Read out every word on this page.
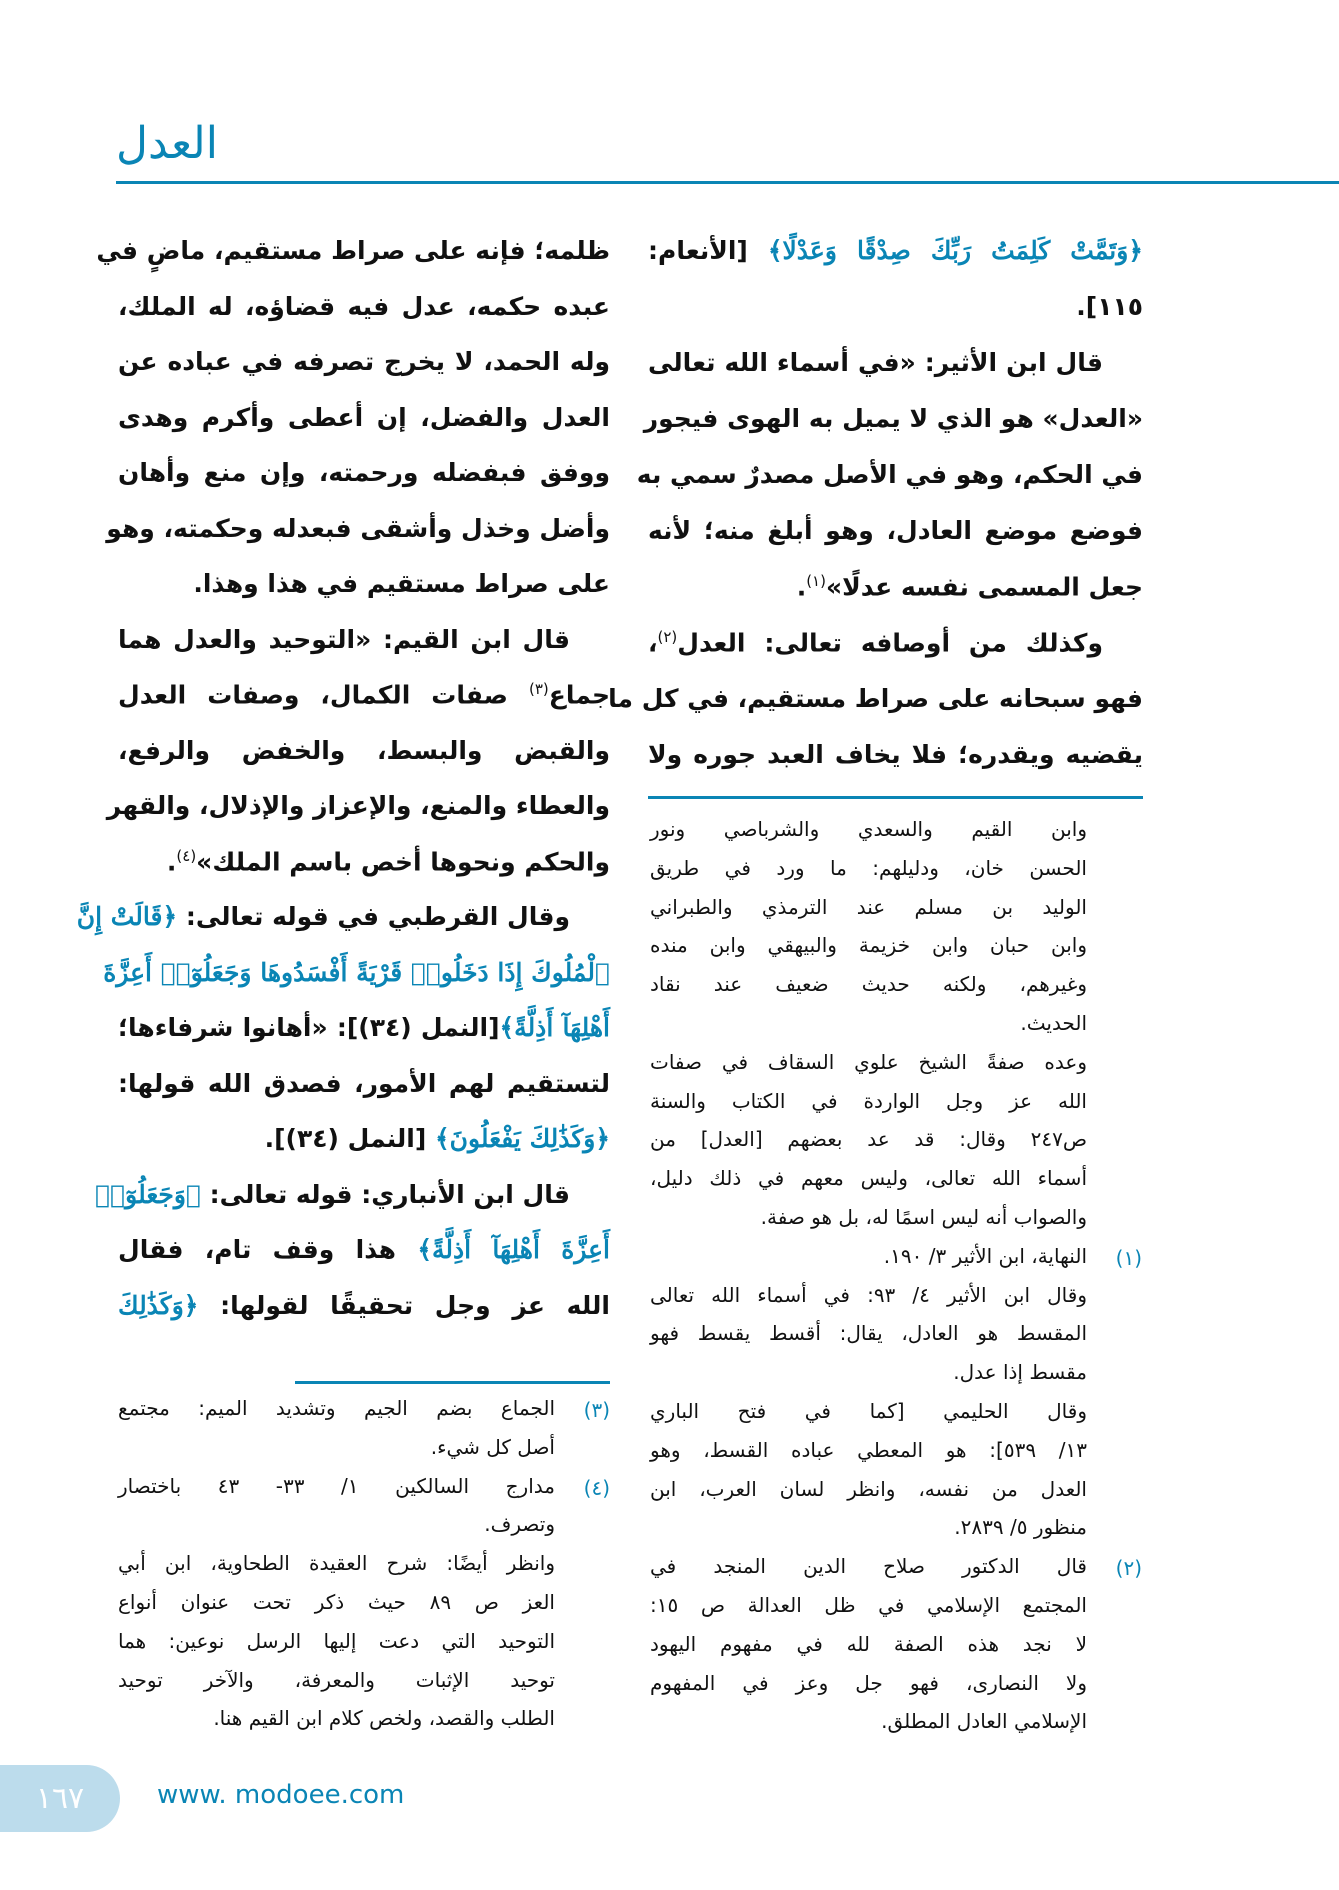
العدل
﴿وَتَمَّتْ كَلِمَتُ رَبِّكَ صِدْقًا وَعَدْلًا﴾ [الأنعام:
١١٥].
قال ابن الأثير: «في أسماء الله تعالى
«العدل» هو الذي لا يميل به الهوى فيجور
في الحكم، وهو في الأصل مصدرٌ سمي به
فوضع موضع العادل، وهو أبلغ منه؛ لأنه
جعل المسمى نفسه عدلًا»$^{(١)}$.
وكذلك من أوصافه تعالى: العدل$^{(٢)}$،
فهو سبحانه على صراط مستقيم، في كل ما
يقضيه ويقدره؛ فلا يخاف العبد جوره ولا
وابن القيم والسعدي والشرباصي ونور
الحسن خان، ودليلهم: ما ورد في طريق
الوليد بن مسلم عند الترمذي والطبراني
وابن حبان وابن خزيمة والبيهقي وابن منده
وغيرهم، ولكنه حديث ضعيف عند نقاد
الحديث.
وعده صفةً الشيخ علوي السقاف في صفات
الله عز وجل الواردة في الكتاب والسنة
ص٢٤٧ وقال: قد عد بعضهم [العدل] من
أسماء الله تعالى، وليس معهم في ذلك دليل،
والصواب أنه ليس اسمًا له، بل هو صفة.
النهاية، ابن الأثير ٣/ ١٩٠. (١)
وقال ابن الأثير ٤/ ٩٣: في أسماء الله تعالى
المقسط هو العادل، يقال: أقسط يقسط فهو
مقسط إذا عدل.
وقال الحليمي [كما في فتح الباري
١٣/ ٥٣٩]: هو المعطي عباده القسط، وهو
العدل من نفسه، وانظر لسان العرب، ابن
منظور ٥/ ٢٨٣٩.
قال الدكتور صلاح الدين المنجد في (٢)
المجتمع الإسلامي في ظل العدالة ص ١٥:
لا نجد هذه الصفة لله في مفهوم اليهود
ولا النصارى، فهو جل وعز في المفهوم
الإسلامي العادل المطلق.
ظلمه؛ فإنه على صراط مستقيم، ماضٍ في
عبده حكمه، عدل فيه قضاؤه، له الملك،
وله الحمد، لا يخرج تصرفه في عباده عن
العدل والفضل، إن أعطى وأكرم وهدى
ووفق فبفضله ورحمته، وإن منع وأهان
وأضل وخذل وأشقى فبعدله وحكمته، وهو
على صراط مستقيم في هذا وهذا.
قال ابن القيم: «التوحيد والعدل هما
جماع$^{(٣)}$ صفات الكمال، وصفات العدل
والقبض والبسط، والخفض والرفع،
والعطاء والمنع، والإعزاز والإذلال، والقهر
والحكم ونحوها أخص باسم الملك»$^{(٤)}$.
وقال القرطبي في قوله تعالى: ﴿قَالَتْ إِنَّ
ٱلْمُلُوكَ إِذَا دَخَلُوا۟ قَرْيَةً أَفْسَدُوهَا وَجَعَلُوٓا۟ أَعِزَّةَ
أَهْلِهَآ أَذِلَّةً﴾[النمل (٣٤)]: «أهانوا شرفاءها؛
لتستقيم لهم الأمور، فصدق الله قولها:
﴿وَكَذَٰلِكَ يَفْعَلُونَ﴾ [النمل (٣٤)].
قال ابن الأنباري: قوله تعالى: ﴿وَجَعَلُوٓا۟
أَعِزَّةَ أَهْلِهَآ أَذِلَّةً﴾ هذا وقف تام، فقال
الله عز وجل تحقيقًا لقولها: ﴿وَكَذَٰلِكَ
الجماع بضم الجيم وتشديد الميم: مجتمع (٣)
أصل كل شيء.
مدارج السالكين ١/ ٣٣- ٤٣ باختصار (٤)
وتصرف.
وانظر أيضًا: شرح العقيدة الطحاوية، ابن أبي
العز ص ٨٩ حيث ذكر تحت عنوان أنواع
التوحيد التي دعت إليها الرسل نوعين: هما
توحيد الإثبات والمعرفة، والآخر توحيد
الطلب والقصد، ولخص كلام ابن القيم هنا.
١٦٧	www. modoee.com
